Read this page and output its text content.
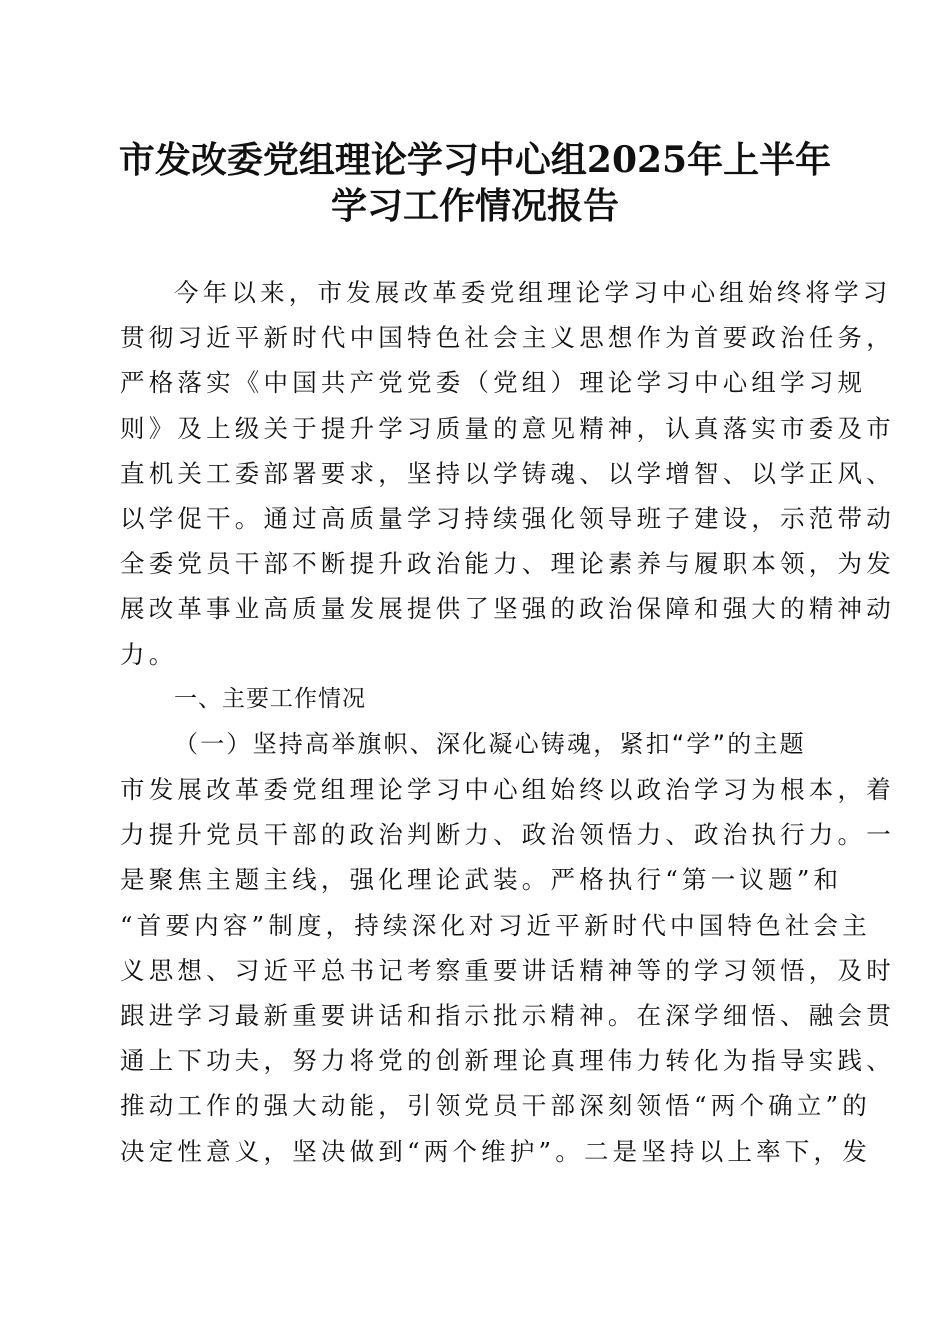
市发改委党组理论学习中心组2025年上半年
学习工作情况报告
今年以来，市发展改革委党组理论学习中心组始终将学习
贯彻习近平新时代中国特色社会主义思想作为首要政治任务，
严格落实《中国共产党党委（党组）理论学习中心组学习规
则》及上级关于提升学习质量的意见精神，认真落实市委及市
直机关工委部署要求，坚持以学铸魂、以学增智、以学正风、
以学促干。通过高质量学习持续强化领导班子建设，示范带动
全委党员干部不断提升政治能力、理论素养与履职本领，为发
展改革事业高质量发展提供了坚强的政治保障和强大的精神动
力。
一、主要工作情况
（一）坚持高举旗帜、深化凝心铸魂，紧扣“学”的主题
市发展改革委党组理论学习中心组始终以政治学习为根本，着
力提升党员干部的政治判断力、政治领悟力、政治执行力。一
是聚焦主题主线，强化理论武装。严格执行“第一议题”和
“首要内容”制度，持续深化对习近平新时代中国特色社会主
义思想、习近平总书记考察重要讲话精神等的学习领悟，及时
跟进学习最新重要讲话和指示批示精神。在深学细悟、融会贯
通上下功夫，努力将党的创新理论真理伟力转化为指导实践、
推动工作的强大动能，引领党员干部深刻领悟“两个确立”的
决定性意义，坚决做到“两个维护”。二是坚持以上率下，发
